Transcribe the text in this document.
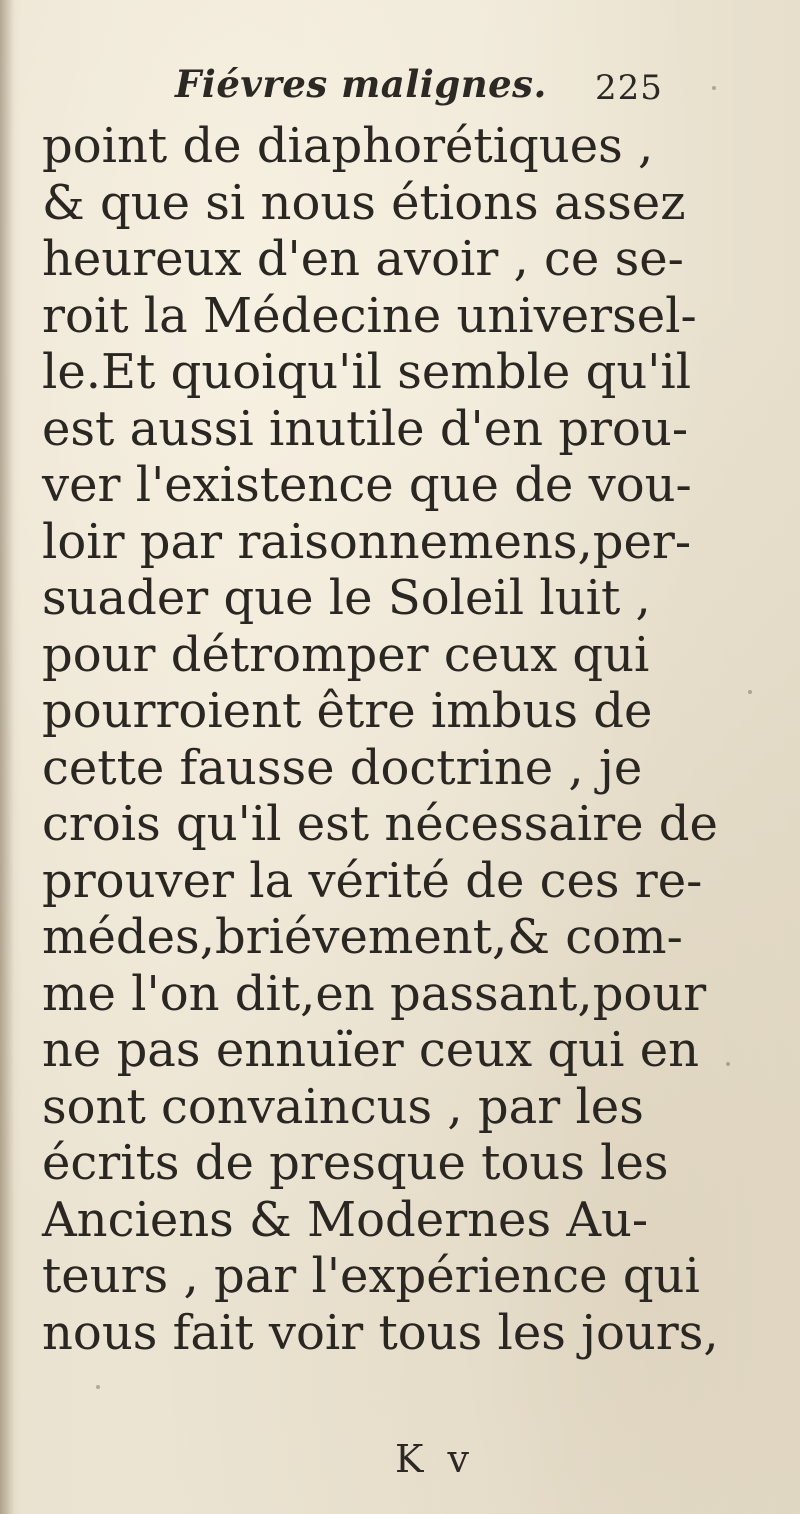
Fiévres malignes. 225
point de diaphorétiques ,
& que si nous étions assez
heureux d'en avoir , ce se-
roit la Médecine universel-
le.Et quoiqu'il semble qu'il
est aussi inutile d'en prou-
ver l'existence que de vou-
loir par raisonnemens,per-
suader que le Soleil luit ,
pour détromper ceux qui
pourroient être imbus de
cette fausse doctrine , je
crois qu'il est nécessaire de
prouver la vérité de ces re-
médes,briévement,& com-
me l'on dit,en passant,pour
ne pas ennuïer ceux qui en
sont convaincus , par les
écrits de presque tous les
Anciens & Modernes Au-
teurs , par l'expérience qui
nous fait voir tous les jours,
K v
